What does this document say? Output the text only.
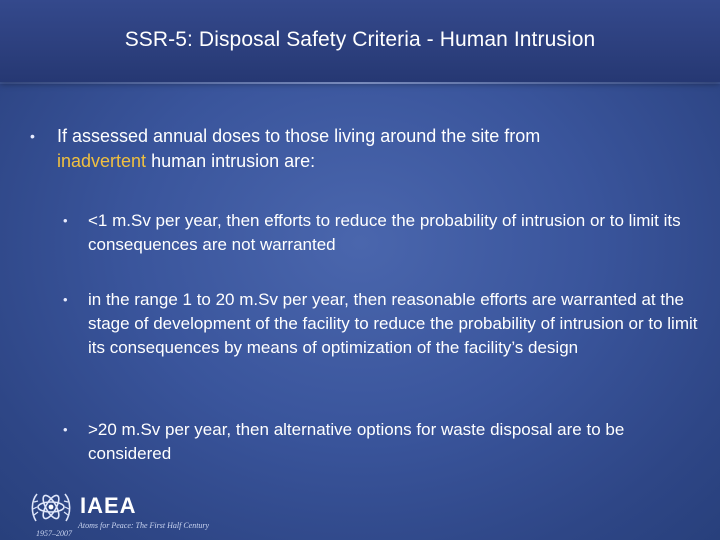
SSR-5: Disposal Safety Criteria - Human Intrusion
• If assessed annual doses to those living around the site from
inadvertent human intrusion are:
• <1 m.Sv per year, then efforts to reduce the probability of intrusion or to limit its consequences are not warranted
• in the range 1 to 20 m.Sv per year, then reasonable efforts are warranted at the stage of development of the facility to reduce the probability of intrusion or to limit its consequences by means of optimization of the facility’s design
• >20 m.Sv per year, then alternative options for waste disposal are to be considered
IAEA
Atoms for Peace: The First Half Century
1957–2007
